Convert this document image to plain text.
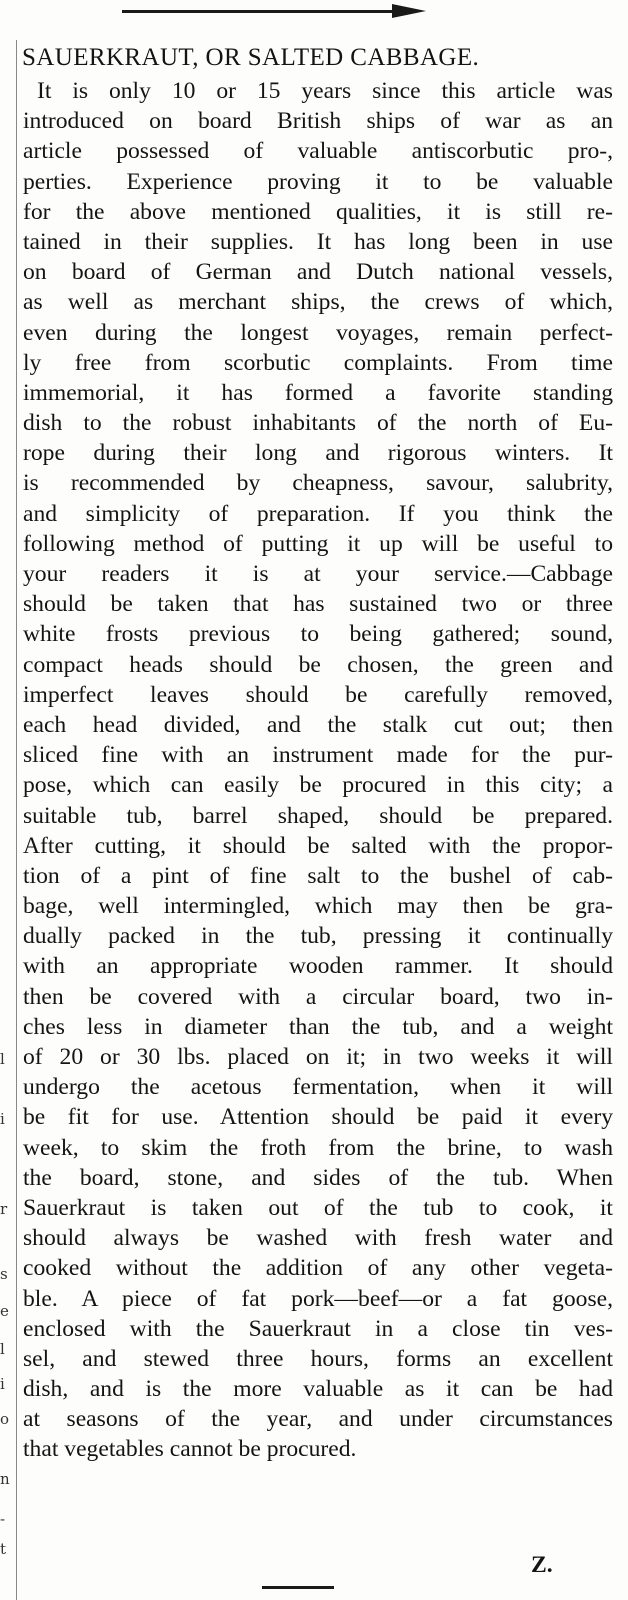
l
i
r
s
e
l
i
o
n
-
t
SAUERKRAUT, OR SALTED CABBAGE.
It is only 10 or 15 years since this article was
introduced on board British ships of war as an
article possessed of valuable antiscorbutic pro-,
perties. Experience proving it to be valuable
for the above mentioned qualities, it is still re-
tained in their supplies. It has long been in use
on board of German and Dutch national vessels,
as well as merchant ships, the crews of which,
even during the longest voyages, remain perfect-
ly free from scorbutic complaints. From time
immemorial, it has formed a favorite standing
dish to the robust inhabitants of the north of Eu-
rope during their long and rigorous winters. It
is recommended by cheapness, savour, salubrity,
and simplicity of preparation. If you think the
following method of putting it up will be useful to
your readers it is at your service.—Cabbage
should be taken that has sustained two or three
white frosts previous to being gathered; sound,
compact heads should be chosen, the green and
imperfect leaves should be carefully removed,
each head divided, and the stalk cut out; then
sliced fine with an instrument made for the pur-
pose, which can easily be procured in this city; a
suitable tub, barrel shaped, should be prepared.
After cutting, it should be salted with the propor-
tion of a pint of fine salt to the bushel of cab-
bage, well intermingled, which may then be gra-
dually packed in the tub, pressing it continually
with an appropriate wooden rammer. It should
then be covered with a circular board, two in-
ches less in diameter than the tub, and a weight
of 20 or 30 lbs. placed on it; in two weeks it will
undergo the acetous fermentation, when it will
be fit for use. Attention should be paid it every
week, to skim the froth from the brine, to wash
the board, stone, and sides of the tub. When
Sauerkraut is taken out of the tub to cook, it
should always be washed with fresh water and
cooked without the addition of any other vegeta-
ble. A piece of fat pork—beef—or a fat goose,
enclosed with the Sauerkraut in a close tin ves-
sel, and stewed three hours, forms an excellent
dish, and is the more valuable as it can be had
at seasons of the year, and under circumstances
that vegetables cannot be procured.
Z.
